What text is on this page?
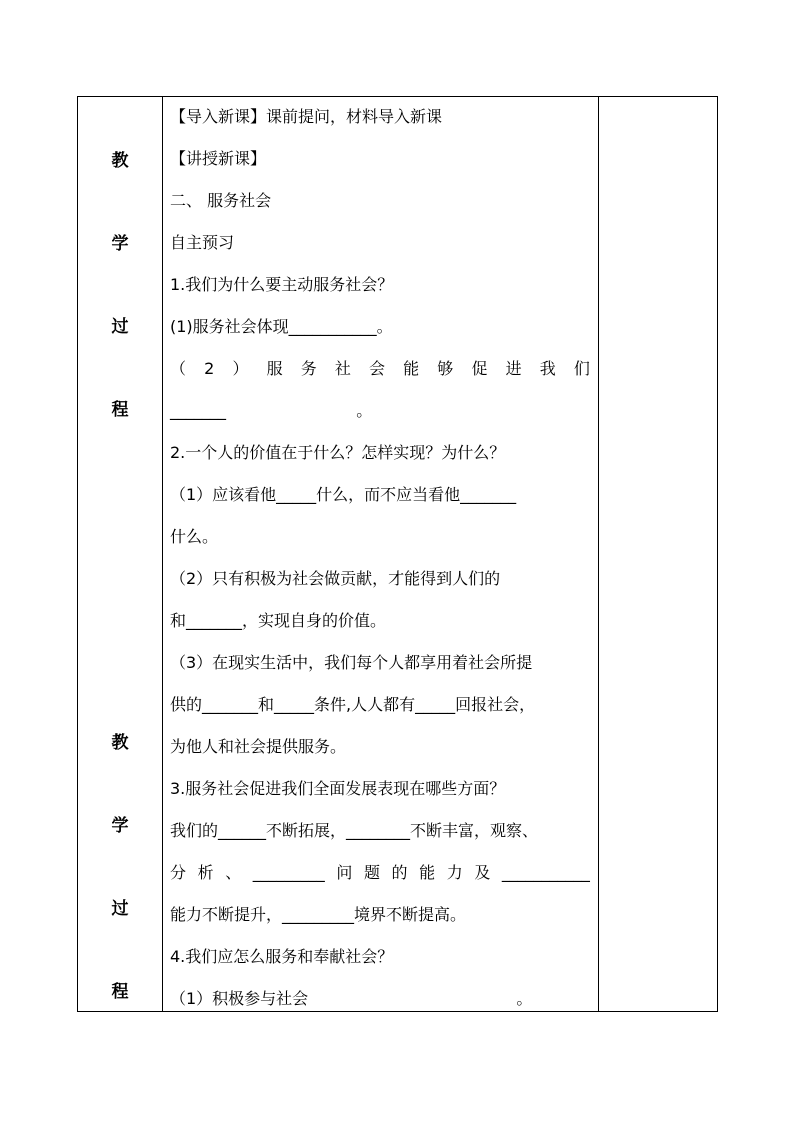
教
学
过
程
教
学
过
程
【导入新课】课前提问，材料导入新课
【讲授新课】
二、 服务社会
自主预习
1.我们为什么要主动服务社会？
(1)服务社会体现___________。
（ 2 ） 服 务 社 会 能 够 促 进 我 们
_______	。
2.一个人的价值在于什么？怎样实现？为什么？
（1）应该看他_____什么，而不应当看他_______
什么。
（2）只有积极为社会做贡献，才能得到人们的
和_______，实现自身的价值。
（3）在现实生活中，我们每个人都享用着社会所提
供的_______和_____条件,人人都有_____回报社会，
为他人和社会提供服务。
3.服务社会促进我们全面发展表现在哪些方面？
我们的______不断拓展，________不断丰富，观察、
分 析 、 _________ 问 题 的 能 力 及 ___________
能力不断提升，_________境界不断提高。
4.我们应怎么服务和奉献社会？
（1）积极参与社会	。
